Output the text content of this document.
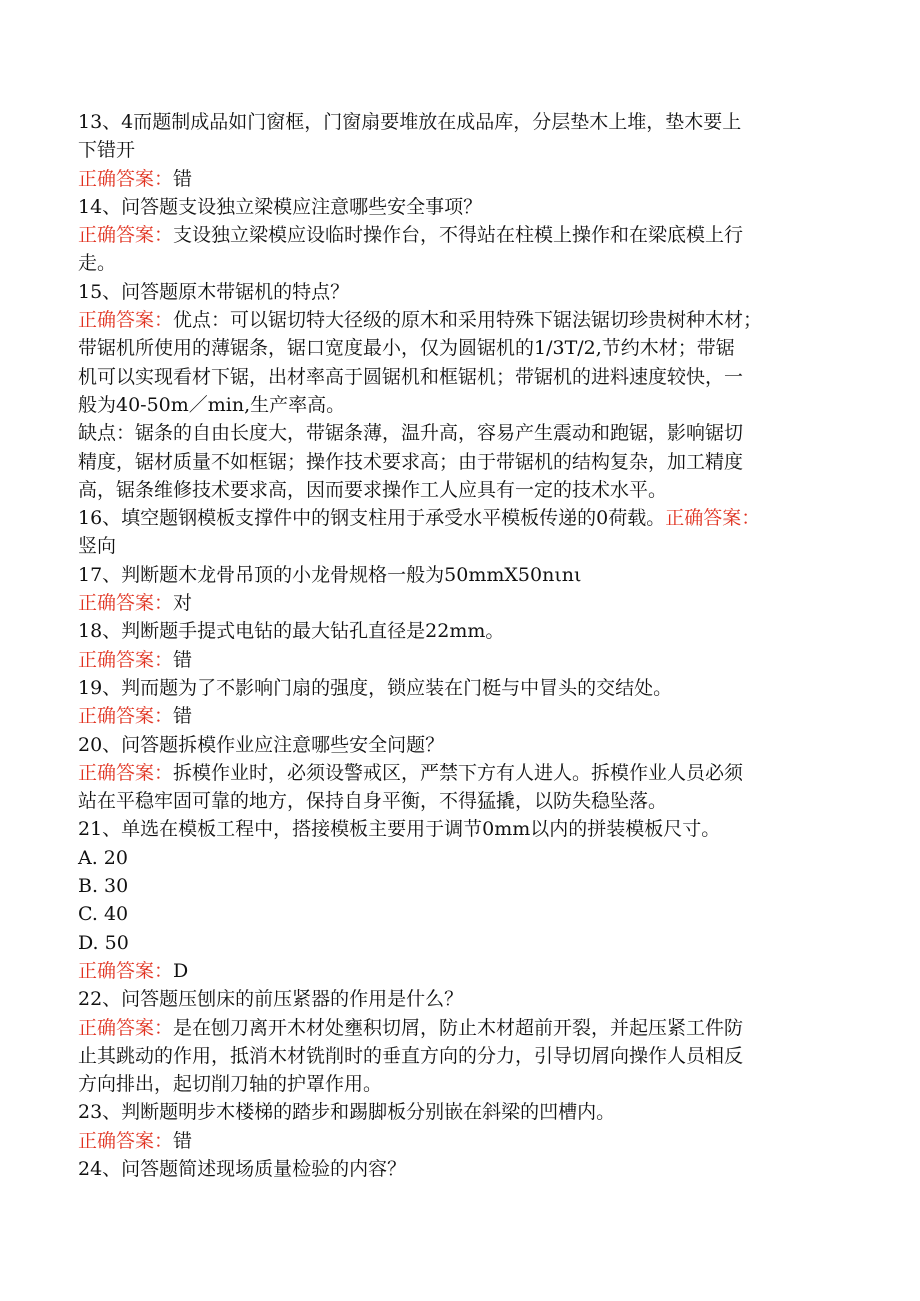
13、4而题制成品如门窗框，门窗扇要堆放在成品库，分层垫木上堆，垫木要上
下错开
正确答案：错
14、问答题支设独立梁模应注意哪些安全事项？
正确答案：支设独立梁模应设临时操作台，不得站在柱模上操作和在梁底模上行
走。
15、问答题原木带锯机的特点？
正确答案：优点：可以锯切特大径级的原木和采用特殊下锯法锯切珍贵树种木材；
带锯机所使用的薄锯条，锯口宽度最小，仅为圆锯机的1/3T/2,节约木材；带锯
机可以实现看材下锯，出材率高于圆锯机和框锯机；带锯机的进料速度较快，一
般为40-50m／min,生产率高。
缺点：锯条的自由长度大，带锯条薄，温升高，容易产生震动和跑锯，影响锯切
精度，锯材质量不如框锯；操作技术要求高；由于带锯机的结构复杂，加工精度
高，锯条维修技术要求高，因而要求操作工人应具有一定的技术水平。
16、填空题钢模板支撑件中的钢支柱用于承受水平模板传递的0荷载。正确答案：
竖向
17、判断题木龙骨吊顶的小龙骨规格一般为50mmX50nιnι
正确答案：对
18、判断题手提式电钻的最大钻孔直径是22mm。
正确答案：错
19、判而题为了不影响门扇的强度，锁应装在门梃与中冒头的交结处。
正确答案：错
20、问答题拆模作业应注意哪些安全问题？
正确答案：拆模作业时，必须设警戒区，严禁下方有人进人。拆模作业人员必须
站在平稳牢固可靠的地方，保持自身平衡，不得猛撬，以防失稳坠落。
21、单选在模板工程中，搭接模板主要用于调节0mm以内的拼装模板尺寸。
A. 20
B. 30
C. 40
D. 50
正确答案：D
22、问答题压刨床的前压紧器的作用是什么？
正确答案：是在刨刀离开木材处壅积切屑，防止木材超前开裂，并起压紧工件防
止其跳动的作用，抵消木材铣削时的垂直方向的分力，引导切屑向操作人员相反
方向排出，起切削刀轴的护罩作用。
23、判断题明步木楼梯的踏步和踢脚板分别嵌在斜梁的凹槽内。
正确答案：错
24、问答题简述现场质量检验的内容？
